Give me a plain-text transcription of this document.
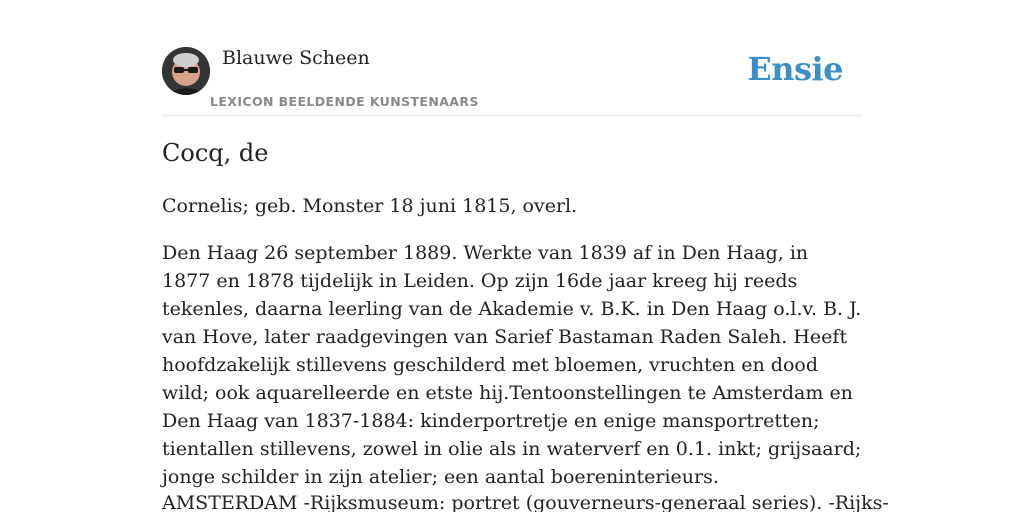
Blauwe Scheen
LEXICON BEELDENDE KUNSTENAARS
Ensie
Cocq, de

Cornelis; geb. Monster 18 juni 1815, overl.

Den Haag 26 september 1889. Werkte van 1839 af in Den Haag, in 1877 en 1878 tijdelijk in Leiden. Op zijn 16de jaar kreeg hij reeds tekenles, daarna leerling van de Akademie v. B.K. in Den Haag o.l.v. B. J. van Hove, later raadgevingen van Sarief Bastaman Raden Saleh. Heeft hoofdzakelijk stillevens geschilderd met bloemen, vruchten en dood wild; ook aquarelleerde en etste hij.Tentoonstellingen te Amsterdam en Den Haag van 1837-1884: kinderportretje en enige mansportretten; tientallen stillevens, zowel in olie als in waterverf en 0.1. inkt; grijsaard; jonge schilder in zijn atelier; een aantal boereninterieurs.

AMSTERDAM -Rijksmuseum: portret (gouverneurs-generaal series). -Rijks-
